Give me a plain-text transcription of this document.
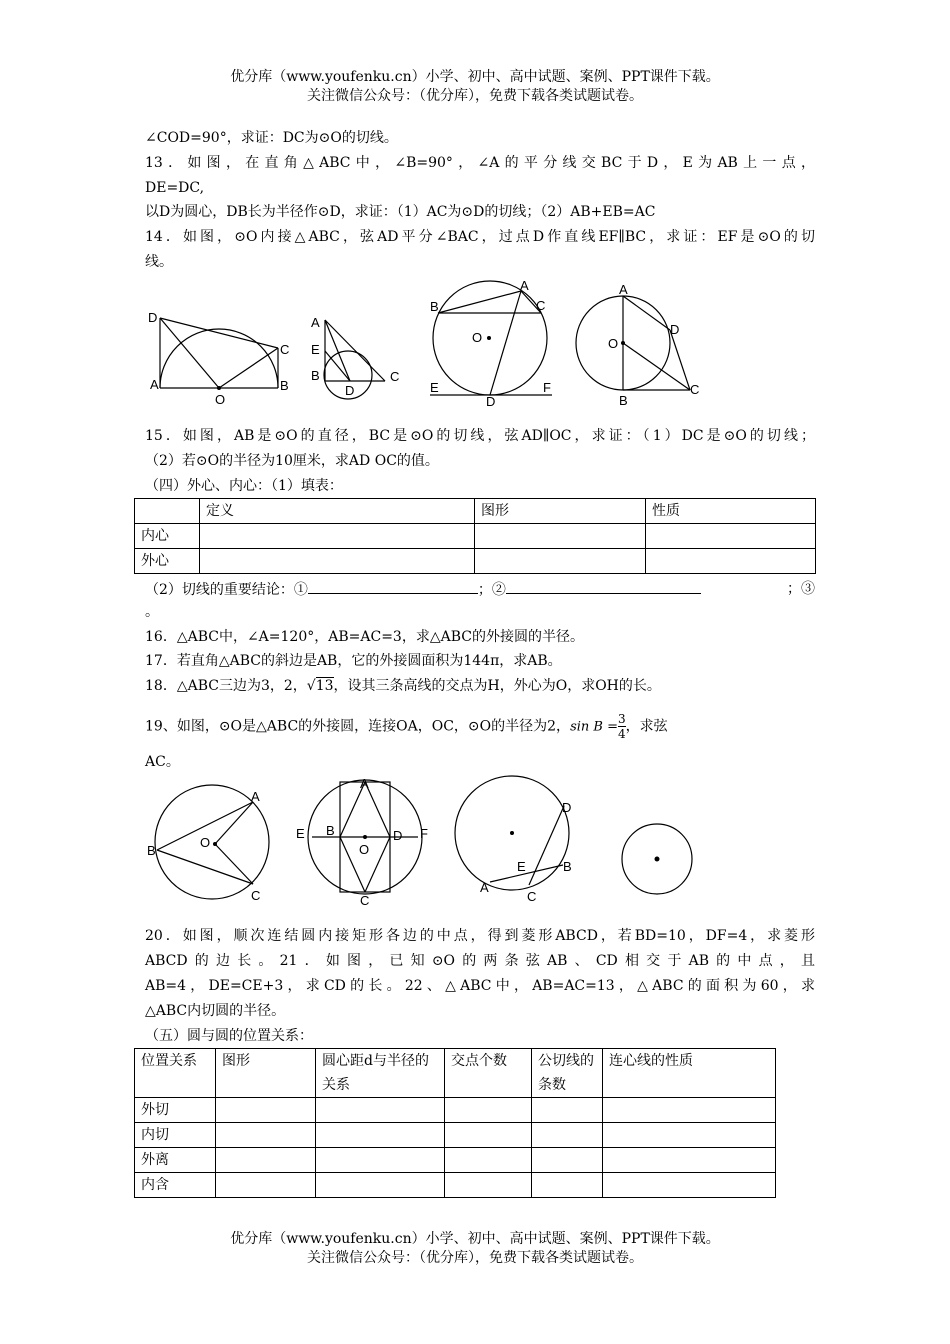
优分库（www.youfenku.cn）小学、初中、高中试题、案例、PPT课件下载。
关注微信公众号：（优分库），免费下载各类试题试卷。
∠COD=90°，求证：DC为⊙O的切线。
13．如图，在直角△ABC中，∠B=90°，∠A的平分线交BC于D，E为AB上一点，
DE=DC,
以D为圆心，DB长为半径作⊙D，求证：（1）AC为⊙D的切线；（2）AB+EB=AC
14．如图，⊙O内接△ABC，弦AD平分∠BAC，过点D作直线EF∥BC，求证：EF是⊙O的切
线。
D
A
O
C
B
A
E
B
D
C
A
B	C
O
E
D
F
A
O
D
B
C
15．如图，AB是⊙O的直径，BC是⊙O的切线，弦AD∥OC，求证：（1）DC是⊙O的切线；
（2）若⊙O的半径为10厘米，求AD OC的值。
（四）外心、内心：（1）填表：
	定义	图形	性质
内心			
外心			
（2）切线的重要结论：①	；②	；③
。
16．△ABC中，∠A=120°，AB=AC=3，求△ABC的外接圆的半径。
17．若直角△ABC的斜边是AB，它的外接圆面积为144π，求AB。
18．△ABC三边为3，2，√13，设其三条高线的交点为H，外心为O，求OH的长。
19、如图，⊙O是△ABC的外接圆，连接OA，OC，⊙O的半径为2，$\sin B = \frac{3}{4}$ ，求弦
AC。
A
B
O
C
A
E B
O
D F
C
D
E	B
A
C
20．如图，顺次连结圆内接矩形各边的中点，得到菱形ABCD，若BD=10，DF=4，求菱形
ABCD的边长。21．如图，已知⊙O的两条弦AB、CD相交于AB的中点，且
AB=4，DE=CE+3，求CD的长。22、△ABC中，AB=AC=13，△ABC的面积为60，求
△ABC内切圆的半径。
（五）圆与圆的位置关系：
位置关系	图形	圆心距d与半径的关系	交点个数	公切线的条数	连心线的性质
外切					
内切					
外离					
内含					
优分库（www.youfenku.cn）小学、初中、高中试题、案例、PPT课件下载。
关注微信公众号：（优分库），免费下载各类试题试卷。
